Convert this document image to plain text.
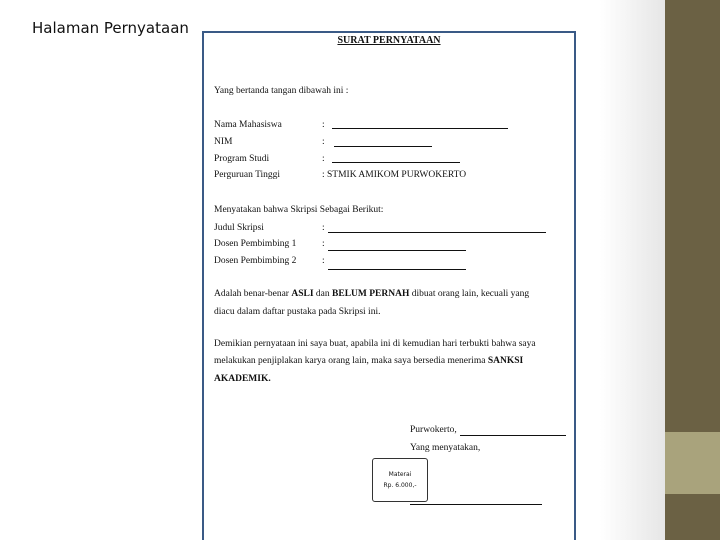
Halaman Pernyataan
SURAT PERNYATAAN
Yang bertanda tangan dibawah ini :
Nama Mahasiswa	:
NIM	:
Program Studi	:
Perguruan Tinggi	: STMIK AMIKOM PURWOKERTO
Menyatakan bahwa Skripsi Sebagai Berikut:
Judul Skripsi	:
Dosen Pembimbing 1	:
Dosen Pembimbing 2	:
Adalah benar-benar ASLI dan BELUM PERNAH dibuat orang lain, kecuali yang
diacu dalam daftar pustaka pada Skripsi ini.
Demikian pernyataan ini saya buat, apabila ini di kemudian hari terbukti bahwa saya
melakukan penjiplakan karya orang lain, maka saya bersedia menerima SANKSI
AKADEMIK.
Purwokerto,
Yang menyatakan,
Materai
Rp. 6.000,-
